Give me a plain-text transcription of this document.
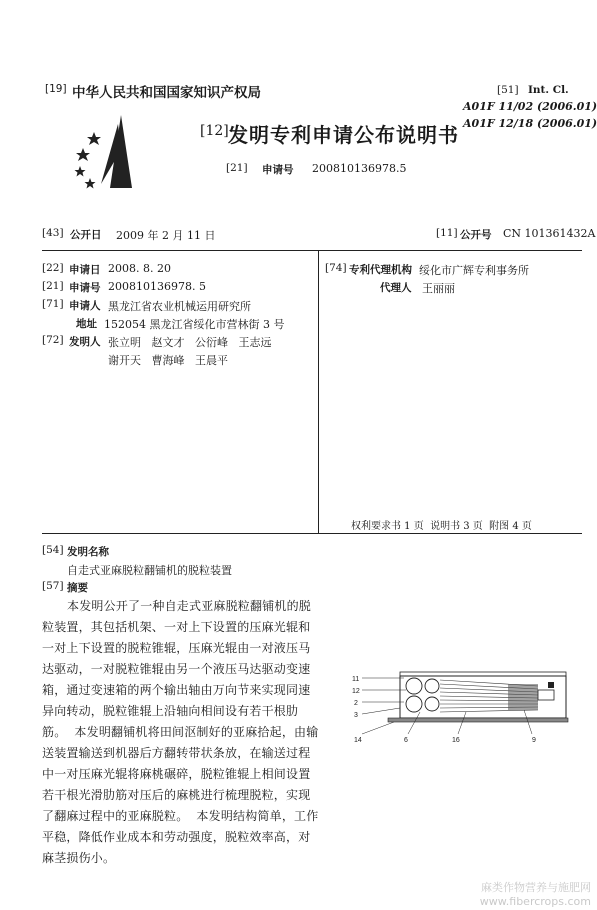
[19] 中华人民共和国国家知识产权局
[12] 发明专利申请公布说明书
[21] 申请号 200810136978.5
[51] Int. Cl.
A01F 11/02 (2006.01)
A01F 12/18 (2006.01)
[43] 公开日 2009 年 2 月 11 日	[11] 公开号 CN 101361432A
[22] 申请日 2008. 8. 20
[21] 申请号 200810136978. 5
[71] 申请人 黑龙江省农业机械运用研究所
地址 152054 黑龙江省绥化市营林街 3 号
[72] 发明人 张立明   赵文才   公衍峰   王志远
谢开天   曹海峰   王晨平
[74] 专利代理机构 绥化市广辉专利事务所
代理人 王丽丽
权利要求书 1 页  说明书 3 页  附图 4 页
[54] 发明名称
自走式亚麻脱粒翻铺机的脱粒装置
[57] 摘要
本发明公开了一种自走式亚麻脱粒翻铺机的脱
粒装置，其包括机架、一对上下设置的压麻光辊和
一对上下设置的脱粒锥辊，压麻光辊由一对液压马
达驱动，一对脱粒锥辊由另一个液压马达驱动变速
箱，通过变速箱的两个输出轴由万向节来实现同速
异向转动，脱粒锥辊上沿轴向相间设有若干根肋
筋。  本发明翻铺机将田间沤制好的亚麻拾起，由输
送装置输送到机器后方翻转带状条放，在输送过程
中一对压麻光辊将麻桃碾碎，脱粒锥辊上相间设置
若干根光滑肋筋对压后的麻桃进行梳理脱粒，实现
了翻麻过程中的亚麻脱粒。  本发明结构简单，工作
平稳，降低作业成本和劳动强度，脱粒效率高，对
麻茎损伤小。
11
12
2
3
14	6	16	9
麻类作物营养与施肥网
www.fibercrops.com
